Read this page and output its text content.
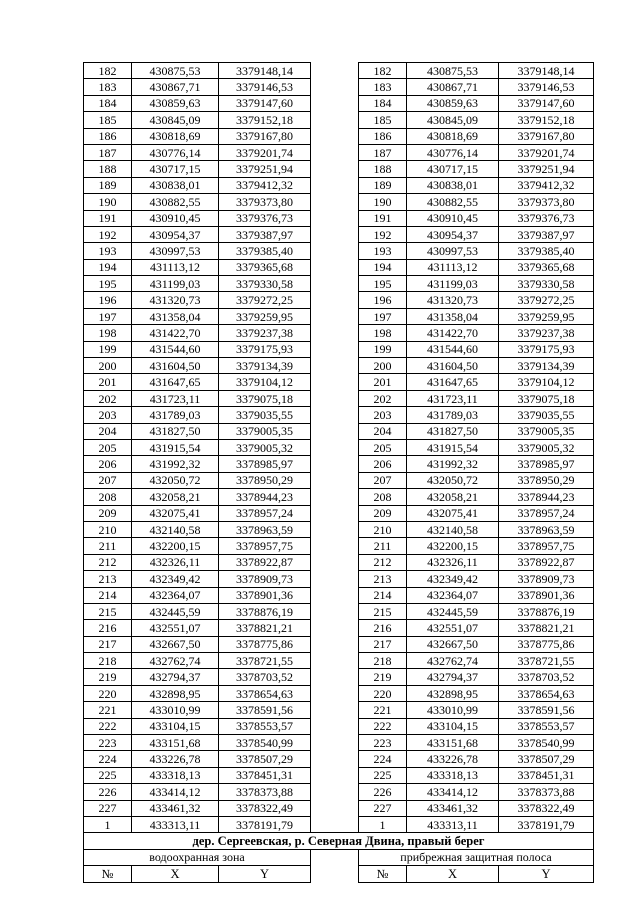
182	430875,53	3379148,14		182	430875,53	3379148,14
183	430867,71	3379146,53		183	430867,71	3379146,53
184	430859,63	3379147,60		184	430859,63	3379147,60
185	430845,09	3379152,18		185	430845,09	3379152,18
186	430818,69	3379167,80		186	430818,69	3379167,80
187	430776,14	3379201,74		187	430776,14	3379201,74
188	430717,15	3379251,94		188	430717,15	3379251,94
189	430838,01	3379412,32		189	430838,01	3379412,32
190	430882,55	3379373,80		190	430882,55	3379373,80
191	430910,45	3379376,73		191	430910,45	3379376,73
192	430954,37	3379387,97		192	430954,37	3379387,97
193	430997,53	3379385,40		193	430997,53	3379385,40
194	431113,12	3379365,68		194	431113,12	3379365,68
195	431199,03	3379330,58		195	431199,03	3379330,58
196	431320,73	3379272,25		196	431320,73	3379272,25
197	431358,04	3379259,95		197	431358,04	3379259,95
198	431422,70	3379237,38		198	431422,70	3379237,38
199	431544,60	3379175,93		199	431544,60	3379175,93
200	431604,50	3379134,39		200	431604,50	3379134,39
201	431647,65	3379104,12		201	431647,65	3379104,12
202	431723,11	3379075,18		202	431723,11	3379075,18
203	431789,03	3379035,55		203	431789,03	3379035,55
204	431827,50	3379005,35		204	431827,50	3379005,35
205	431915,54	3379005,32		205	431915,54	3379005,32
206	431992,32	3378985,97		206	431992,32	3378985,97
207	432050,72	3378950,29		207	432050,72	3378950,29
208	432058,21	3378944,23		208	432058,21	3378944,23
209	432075,41	3378957,24		209	432075,41	3378957,24
210	432140,58	3378963,59		210	432140,58	3378963,59
211	432200,15	3378957,75		211	432200,15	3378957,75
212	432326,11	3378922,87		212	432326,11	3378922,87
213	432349,42	3378909,73		213	432349,42	3378909,73
214	432364,07	3378901,36		214	432364,07	3378901,36
215	432445,59	3378876,19		215	432445,59	3378876,19
216	432551,07	3378821,21		216	432551,07	3378821,21
217	432667,50	3378775,86		217	432667,50	3378775,86
218	432762,74	3378721,55		218	432762,74	3378721,55
219	432794,37	3378703,52		219	432794,37	3378703,52
220	432898,95	3378654,63		220	432898,95	3378654,63
221	433010,99	3378591,56		221	433010,99	3378591,56
222	433104,15	3378553,57		222	433104,15	3378553,57
223	433151,68	3378540,99		223	433151,68	3378540,99
224	433226,78	3378507,29		224	433226,78	3378507,29
225	433318,13	3378451,31		225	433318,13	3378451,31
226	433414,12	3378373,88		226	433414,12	3378373,88
227	433461,32	3378322,49		227	433461,32	3378322,49
1	433313,11	3378191,79		1	433313,11	3378191,79
дер. Сергеевская, р. Северная Двина, правый берег						
водоохранная зона				прибрежная защитная полоса		
№	X	Y		№	X	Y
